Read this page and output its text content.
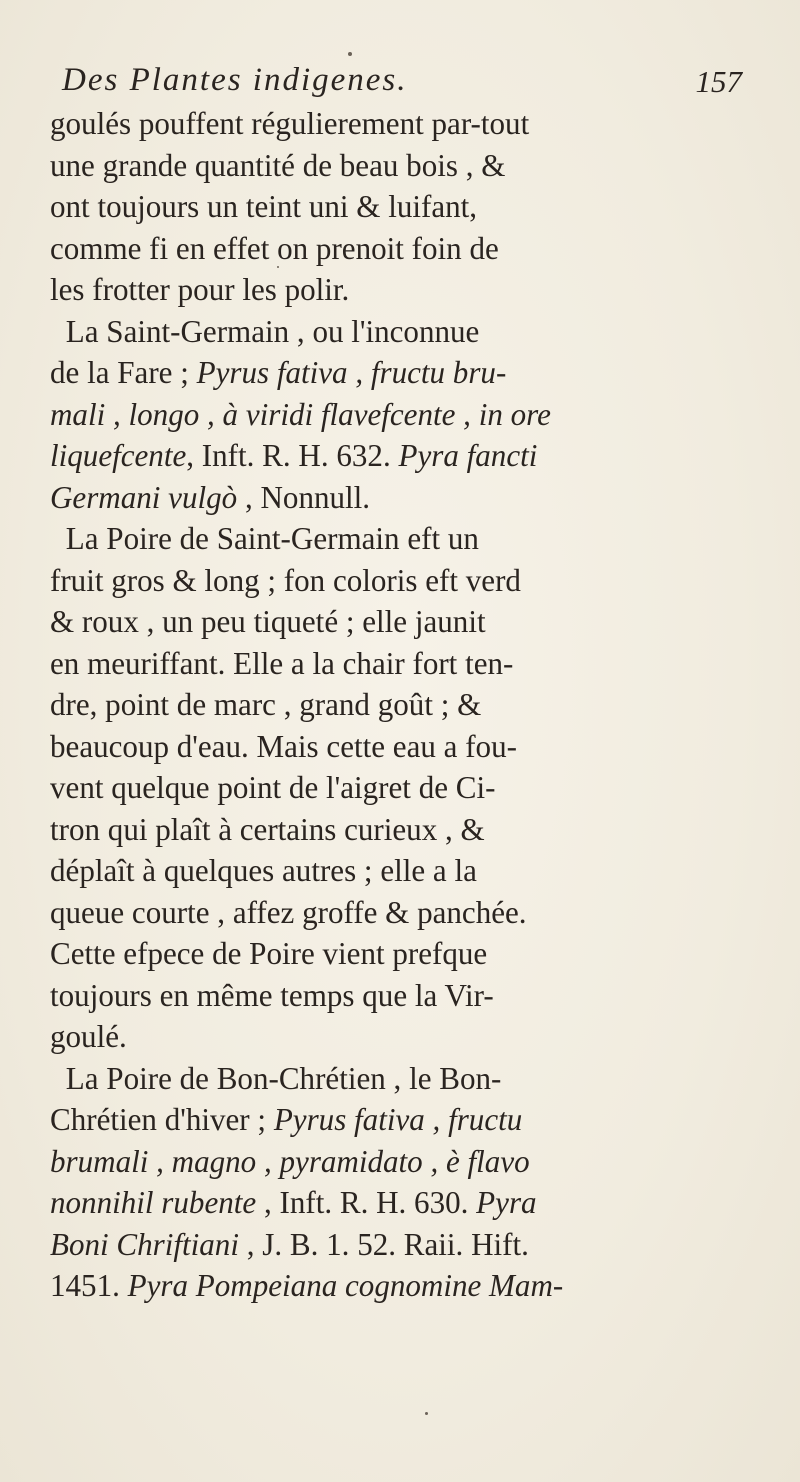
Des Plantes indigenes.	157
goulés pouffent régulierement par-tout
une grande quantité de beau bois , &
ont toujours un teint uni & luifant,
comme fi en effet on prenoit foin de
les frotter pour les polir.
La Saint-Germain , ou l'inconnue
de la Fare ; Pyrus fativa , fructu bru-
mali , longo , à viridi flavefcente , in ore
liquefcente, Inft. R. H. 632. Pyra fancti
Germani vulgò , Nonnull.
La Poire de Saint-Germain eft un
fruit gros & long ; fon coloris eft verd
& roux , un peu tiqueté ; elle jaunit
en meuriffant. Elle a la chair fort ten-
dre, point de marc , grand goût ; &
beaucoup d'eau. Mais cette eau a fou-
vent quelque point de l'aigret de Ci-
tron qui plaît à certains curieux , &
déplaît à quelques autres ; elle a la
queue courte , affez groffe & panchée.
Cette efpece de Poire vient prefque
toujours en même temps que la Vir-
goulé.
La Poire de Bon-Chrétien , le Bon-
Chrétien d'hiver ; Pyrus fativa , fructu
brumali , magno , pyramidato , è flavo
nonnihil rubente , Inft. R. H. 630. Pyra
Boni Chriftiani , J. B. 1. 52. Raii. Hift.
1451. Pyra Pompeiana cognomine Mam-
